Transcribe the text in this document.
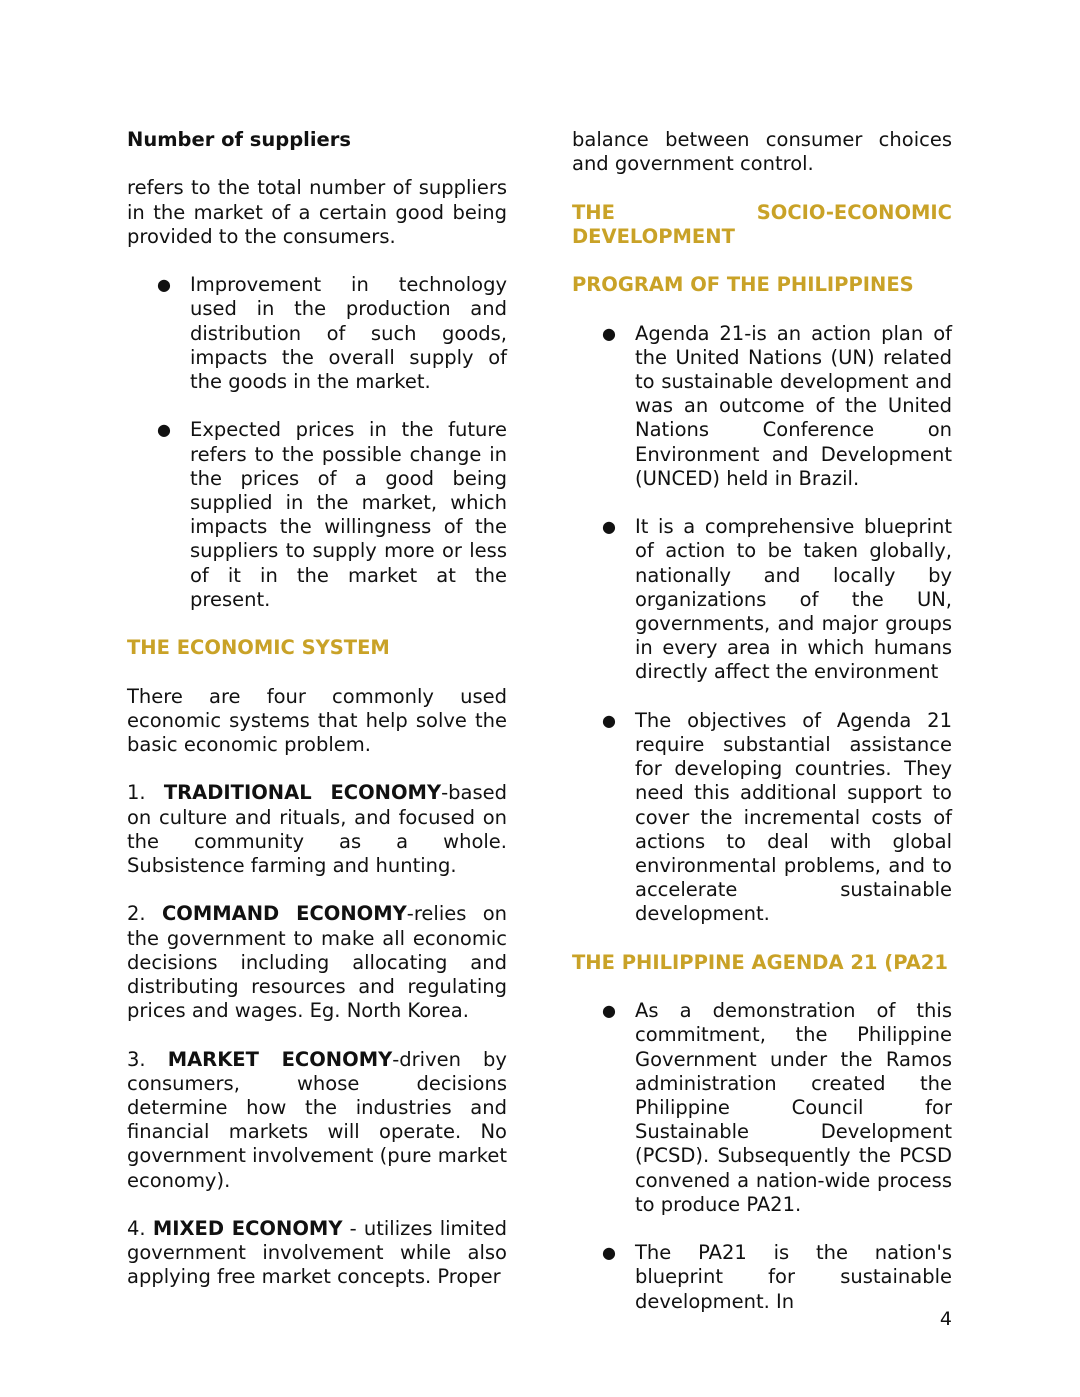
Number of suppliers

refers to the total number of suppliers in the market of a certain good being provided to the consumers.

● Improvement in technology used in the production and distribution of such goods, impacts the overall supply of the goods in the market.
● Expected prices in the future refers to the possible change in the prices of a good being supplied in the market, which impacts the willingness of the suppliers to supply more or less of it in the market at the present.

THE ECONOMIC SYSTEM

There are four commonly used economic systems that help solve the basic economic problem.

1. TRADITIONAL ECONOMY-based on culture and rituals, and focused on the community as a whole. Subsistence farming and hunting.

2. COMMAND ECONOMY-relies on the government to make all economic decisions including allocating and distributing resources and regulating prices and wages. Eg. North Korea.

3. MARKET ECONOMY-driven by consumers, whose decisions determine how the industries and financial markets will operate. No government involvement (pure market economy).

4. MIXED ECONOMY - utilizes limited government involvement while also applying free market concepts. Proper

balance between consumer choices and government control.

THE SOCIO-ECONOMIC

DEVELOPMENT

PROGRAM OF THE PHILIPPINES

● Agenda 21-is an action plan of the United Nations (UN) related to sustainable development and was an outcome of the United Nations Conference on Environment and Development (UNCED) held in Brazil.
● It is a comprehensive blueprint of action to be taken globally, nationally and locally by organizations of the UN, governments, and major groups in every area in which humans directly affect the environment
● The objectives of Agenda 21 require substantial assistance for developing countries. They need this additional support to cover the incremental costs of actions to deal with global environmental problems, and to accelerate sustainable development.

THE PHILIPPINE AGENDA 21 (PA21

● As a demonstration of this commitment, the Philippine Government under the Ramos administration created the Philippine Council for Sustainable Development (PCSD). Subsequently the PCSD convened a nation-wide process to produce PA21.
● The PA21 is the nation's blueprint for sustainable development. In
4
